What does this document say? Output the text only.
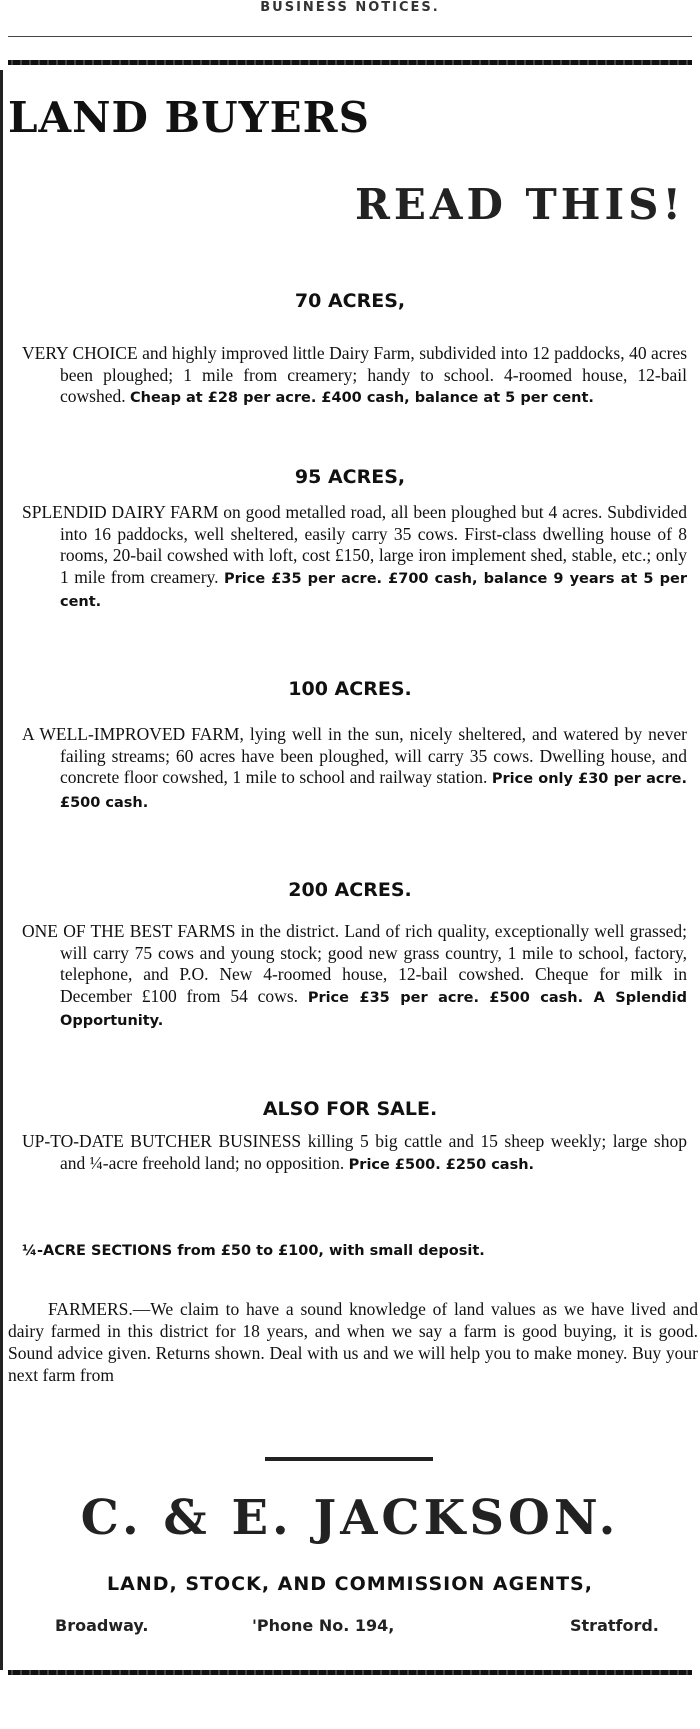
BUSINESS NOTICES.
LAND BUYERS
READ THIS!
70 ACRES,
VERY CHOICE and highly improved little Dairy Farm, subdivided into 12 paddocks, 40 acres been ploughed; 1 mile from creamery; handy to school. 4-roomed house, 12-bail cowshed. Cheap at £28 per acre. £400 cash, balance at 5 per cent.
95 ACRES,
SPLENDID DAIRY FARM on good metalled road, all been ploughed but 4 acres. Subdivided into 16 paddocks, well sheltered, easily carry 35 cows. First-class dwelling house of 8 rooms, 20-bail cowshed with loft, cost £150, large iron implement shed, stable, etc.; only 1 mile from creamery. Price £35 per acre. £700 cash, balance 9 years at 5 per cent.
100 ACRES.
A WELL-IMPROVED FARM, lying well in the sun, nicely sheltered, and watered by never failing streams; 60 acres have been ploughed, will carry 35 cows. Dwelling house, and concrete floor cowshed, 1 mile to school and railway station. Price only £30 per acre. £500 cash.
200 ACRES.
ONE OF THE BEST FARMS in the district. Land of rich quality, exceptionally well grassed; will carry 75 cows and young stock; good new grass country, 1 mile to school, factory, telephone, and P.O. New 4-roomed house, 12-bail cowshed. Cheque for milk in December £100 from 54 cows. Price £35 per acre. £500 cash. A Splendid Opportunity.
ALSO FOR SALE.
UP-TO-DATE BUTCHER BUSINESS killing 5 big cattle and 15 sheep weekly; large shop and ¼-acre freehold land; no opposition. Price £500. £250 cash.
¼-ACRE SECTIONS from £50 to £100, with small deposit.
FARMERS.—We claim to have a sound knowledge of land values as we have lived and dairy farmed in this district for 18 years, and when we say a farm is good buying, it is good. Sound advice given. Returns shown. Deal with us and we will help you to make money. Buy your next farm from
C. & E. JACKSON.
LAND, STOCK, AND COMMISSION AGENTS,
Broadway.	'Phone No. 194,	Stratford.
